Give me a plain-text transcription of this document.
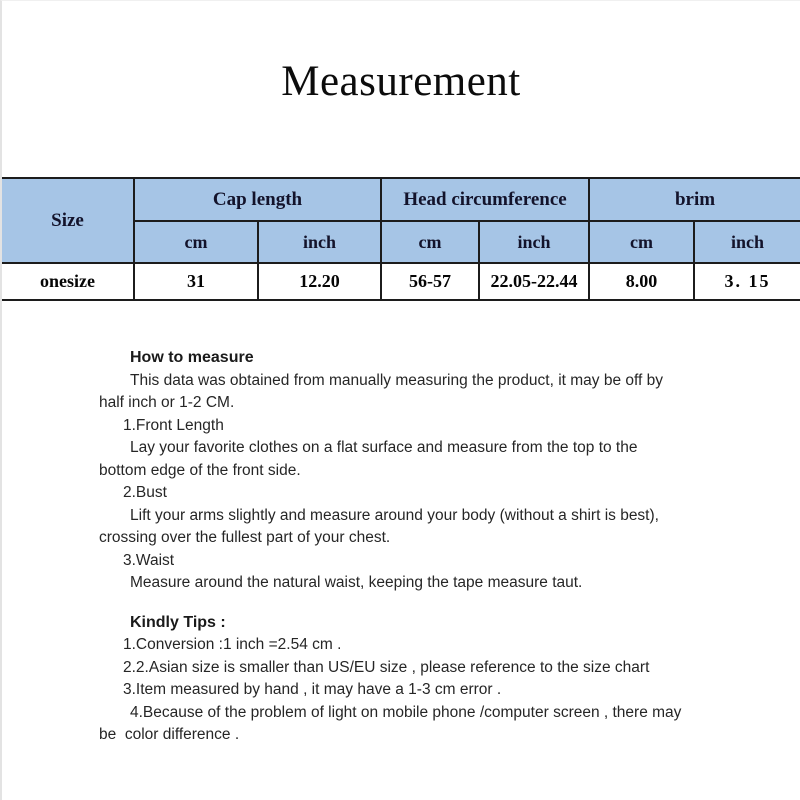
Measurement
Size	Cap length		Head circumference		brim	
	cm	inch	cm	inch	cm	inch
onesize	31	12.20	56-57	22.05-22.44	8.00	3. 15
How to measure
This data was obtained from manually measuring the product, it may be off by
half inch or 1-2 CM.
1.Front Length
Lay your favorite clothes on a flat surface and measure from the top to the
bottom edge of the front side.
2.Bust
Lift your arms slightly and measure around your body (without a shirt is best),
crossing over the fullest part of your chest.
3.Waist
Measure around the natural waist, keeping the tape measure taut.
Kindly Tips :
1.Conversion :1 inch =2.54 cm .
2.2.Asian size is smaller than US/EU size , please reference to the size chart
3.Item measured by hand , it may have a 1-3 cm error .
4.Because of the problem of light on mobile phone /computer screen , there may
be  color difference .
